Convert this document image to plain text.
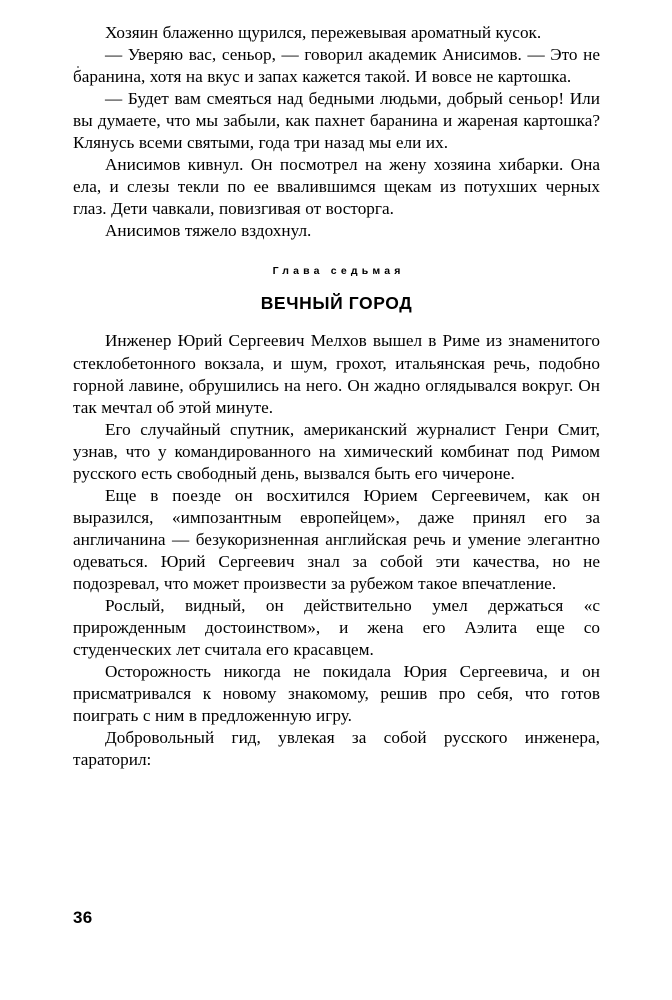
Хозяин блаженно щурился, пережевывая ароматный кусок.

— Уверяю вас, сеньор, — говорил академик Анисимов. — Это не баранина, хотя на вкус и запах кажется такой. И вовсе не картошка.

— Будет вам смеяться над бедными людьми, добрый сеньор! Или вы думаете, что мы забыли, как пахнет баранина и жареная картошка? Клянусь всеми святыми, года три назад мы ели их.

Анисимов кивнул. Он посмотрел на жену хозяина хибарки. Она ела, и слезы текли по ее ввалившимся щекам из потухших черных глаз. Дети чавкали, повизгивая от восторга.

Анисимов тяжело вздохнул.

Глава седьмая
ВЕЧНЫЙ ГОРОД

Инженер Юрий Сергеевич Мелхов вышел в Риме из знаменитого стеклобетонного вокзала, и шум, грохот, итальянская речь, подобно горной лавине, обрушились на него. Он жадно оглядывался вокруг. Он так мечтал об этой минуте.

Его случайный спутник, американский журналист Генри Смит, узнав, что у командированного на химический комбинат под Римом русского есть свободный день, вызвался быть его чичероне.

Еще в поезде он восхитился Юрием Сергеевичем, как он выразился, «импозантным европейцем», даже принял его за англичанина — безукоризненная английская речь и умение элегантно одеваться. Юрий Сергеевич знал за собой эти качества, но не подозревал, что может произвести за рубежом такое впечатление.

Рослый, видный, он действительно умел держаться «с прирожденным достоинством», и жена его Аэлита еще со студенческих лет считала его красавцем.

Осторожность никогда не покидала Юрия Сергеевича, и он присматривался к новому знакомому, решив про себя, что готов поиграть с ним в предложенную игру.

Добровольный гид, увлекая за собой русского инженера, тараторил:

36
